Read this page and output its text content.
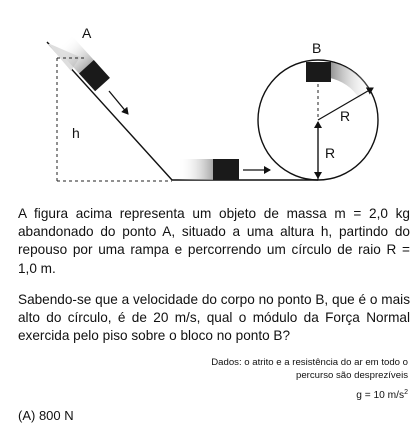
A
h
B
R
R

A figura acima representa um objeto de massa m = 2,0 kg abandonado do ponto A, situado a uma altura h, partindo do repouso por uma rampa e percorrendo um círculo de raio R = 1,0 m.

Sabendo-se que a velocidade do corpo no ponto B, que é o mais alto do círculo, é de 20 m/s, qual o módulo da Força Normal exercida pelo piso sobre o bloco no ponto B?

Dados: o atrito e a resistência do ar em todo o
percurso são desprezíveis
g = 10 $m/s^2$
(A) 800 N
